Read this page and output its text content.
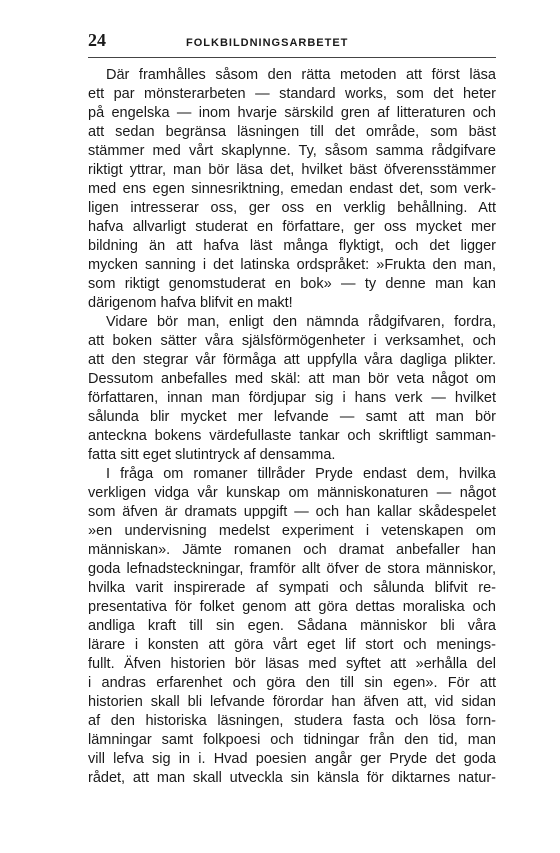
24	FOLKBILDNINGSARBETET
Där framhålles såsom den rätta metoden att först läsa
ett par mönsterarbeten — standard works, som det heter
på engelska — inom hvarje särskild gren af litteraturen och
att sedan begränsa läsningen till det område, som bäst
stämmer med vårt skaplynne. Ty, såsom samma rådgifvare
riktigt yttrar, man bör läsa det, hvilket bäst öfverensstämmer
med ens egen sinnesriktning, emedan endast det, som verk-
ligen intresserar oss, ger oss en verklig behållning. Att
hafva allvarligt studerat en författare, ger oss mycket mer
bildning än att hafva läst många flyktigt, och det ligger
mycken sanning i det latinska ordspråket: »Frukta den man,
som riktigt genomstuderat en bok» — ty denne man kan
därigenom hafva blifvit en makt!
Vidare bör man, enligt den nämnda rådgifvaren, fordra,
att boken sätter våra själsförmögenheter i verksamhet, och
att den stegrar vår förmåga att uppfylla våra dagliga plikter.
Dessutom anbefalles med skäl: att man bör veta något om
författaren, innan man fördjupar sig i hans verk — hvilket
sålunda blir mycket mer lefvande — samt att man bör
anteckna bokens värdefullaste tankar och skriftligt samman-
fatta sitt eget slutintryck af densamma.
I fråga om romaner tillråder Pryde endast dem, hvilka
verkligen vidga vår kunskap om människonaturen — något
som äfven är dramats uppgift — och han kallar skådespelet
»en undervisning medelst experiment i vetenskapen om
människan». Jämte romanen och dramat anbefaller han
goda lefnadsteckningar, framför allt öfver de stora människor,
hvilka varit inspirerade af sympati och sålunda blifvit re-
presentativa för folket genom att göra dettas moraliska och
andliga kraft till sin egen. Sådana människor bli våra
lärare i konsten att göra vårt eget lif stort och menings-
fullt. Äfven historien bör läsas med syftet att »erhålla del
i andras erfarenhet och göra den till sin egen». För att
historien skall bli lefvande förordar han äfven att, vid sidan
af den historiska läsningen, studera fasta och lösa forn-
lämningar samt folkpoesi och tidningar från den tid, man
vill lefva sig in i. Hvad poesien angår ger Pryde det goda
rådet, att man skall utveckla sin känsla för diktarnes natur-
